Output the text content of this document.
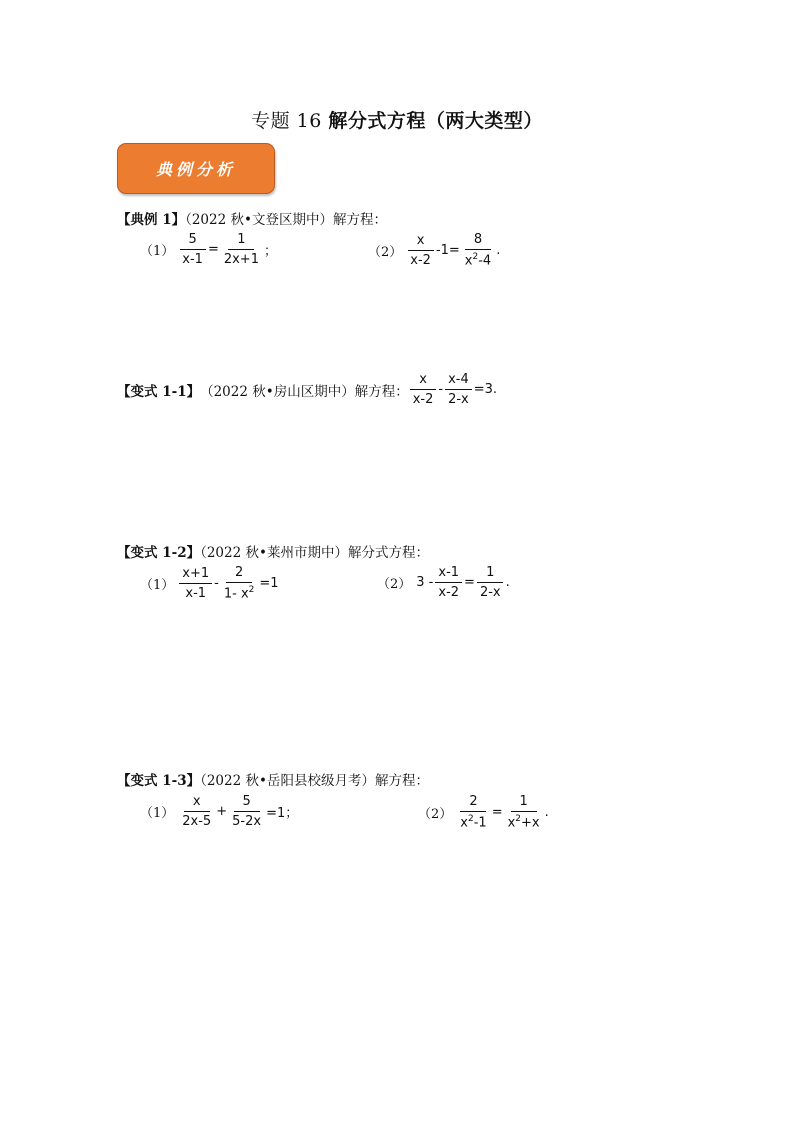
专题 16 解分式方程（两大类型）
典例分析
【典例 1】（2022 秋•文登区期中）解方程：
$(1) \frac{5}{x-1} = \frac{1}{2x+1}$ ；	$(2) \frac{x}{x-2} -1= \frac{8}{x^2-4}$ .
【变式 1-1】 （2022 秋•房山区期中）解方程： $\frac{x}{x-2} - \frac{x-4}{2-x} =3$.
【变式 1-2】（2022 秋•莱州市期中）解分式方程：
$(1) \frac{x+1}{x-1} - \frac{2}{1- x^2} =1$	（2） $3 - \frac{x-1}{x-2} = \frac{1}{2-x}$ .
【变式 1-3】（2022 秋•岳阳县校级月考）解方程：
$(1) \frac{x}{2x-5} + \frac{5}{5-2x} =1$；	$(2) \frac{2}{x^2-1} = \frac{1}{x^2+x}$ .
